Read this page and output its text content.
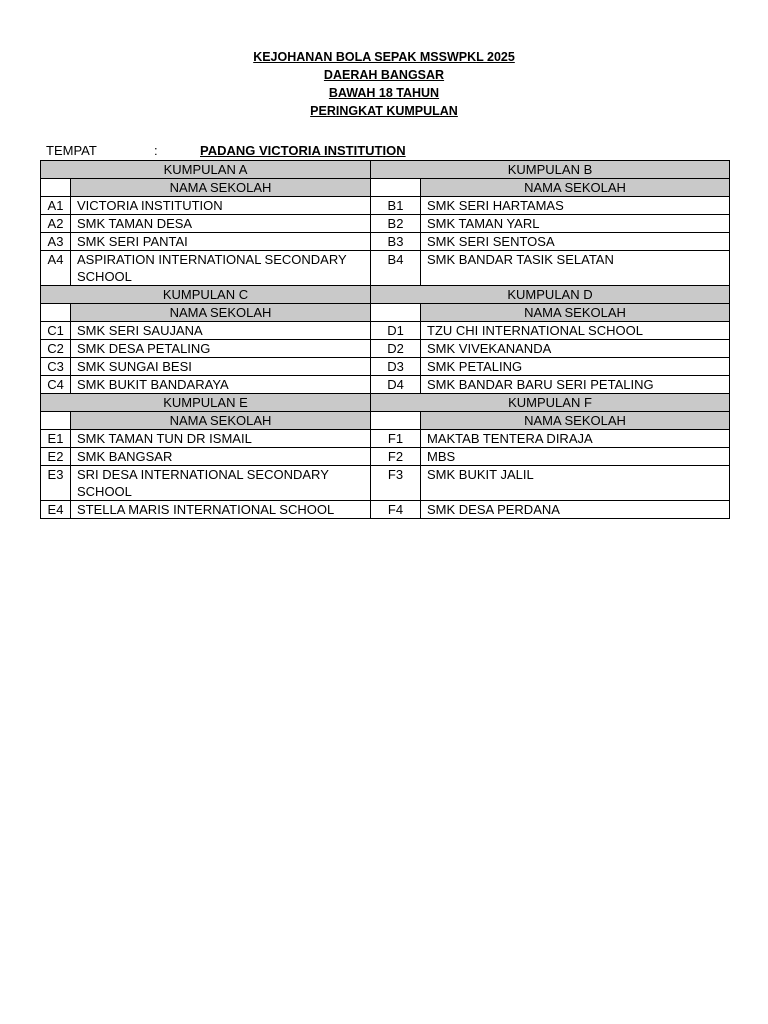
KEJOHANAN BOLA SEPAK MSSWPKL 2025
DAERAH BANGSAR
BAWAH 18 TAHUN
PERINGKAT KUMPULAN
TEMPAT	:	PADANG VICTORIA INSTITUTION
KUMPULAN A		KUMPULAN B	
	NAMA SEKOLAH		NAMA SEKOLAH
A1	VICTORIA INSTITUTION	B1	SMK SERI HARTAMAS
A2	SMK TAMAN DESA	B2	SMK TAMAN YARL
A3	SMK SERI PANTAI	B3	SMK SERI SENTOSA
A4	ASPIRATION INTERNATIONAL SECONDARY SCHOOL	B4	SMK BANDAR TASIK SELATAN
KUMPULAN C		KUMPULAN D	
	NAMA SEKOLAH		NAMA SEKOLAH
C1	SMK SERI SAUJANA	D1	TZU CHI INTERNATIONAL SCHOOL
C2	SMK DESA PETALING	D2	SMK VIVEKANANDA
C3	SMK SUNGAI BESI	D3	SMK PETALING
C4	SMK BUKIT BANDARAYA	D4	SMK BANDAR BARU SERI PETALING
KUMPULAN E		KUMPULAN F	
	NAMA SEKOLAH		NAMA SEKOLAH
E1	SMK TAMAN TUN DR ISMAIL	F1	MAKTAB TENTERA DIRAJA
E2	SMK BANGSAR	F2	MBS
E3	SRI DESA INTERNATIONAL SECONDARY SCHOOL	F3	SMK BUKIT JALIL
E4	STELLA MARIS INTERNATIONAL SCHOOL	F4	SMK DESA PERDANA
